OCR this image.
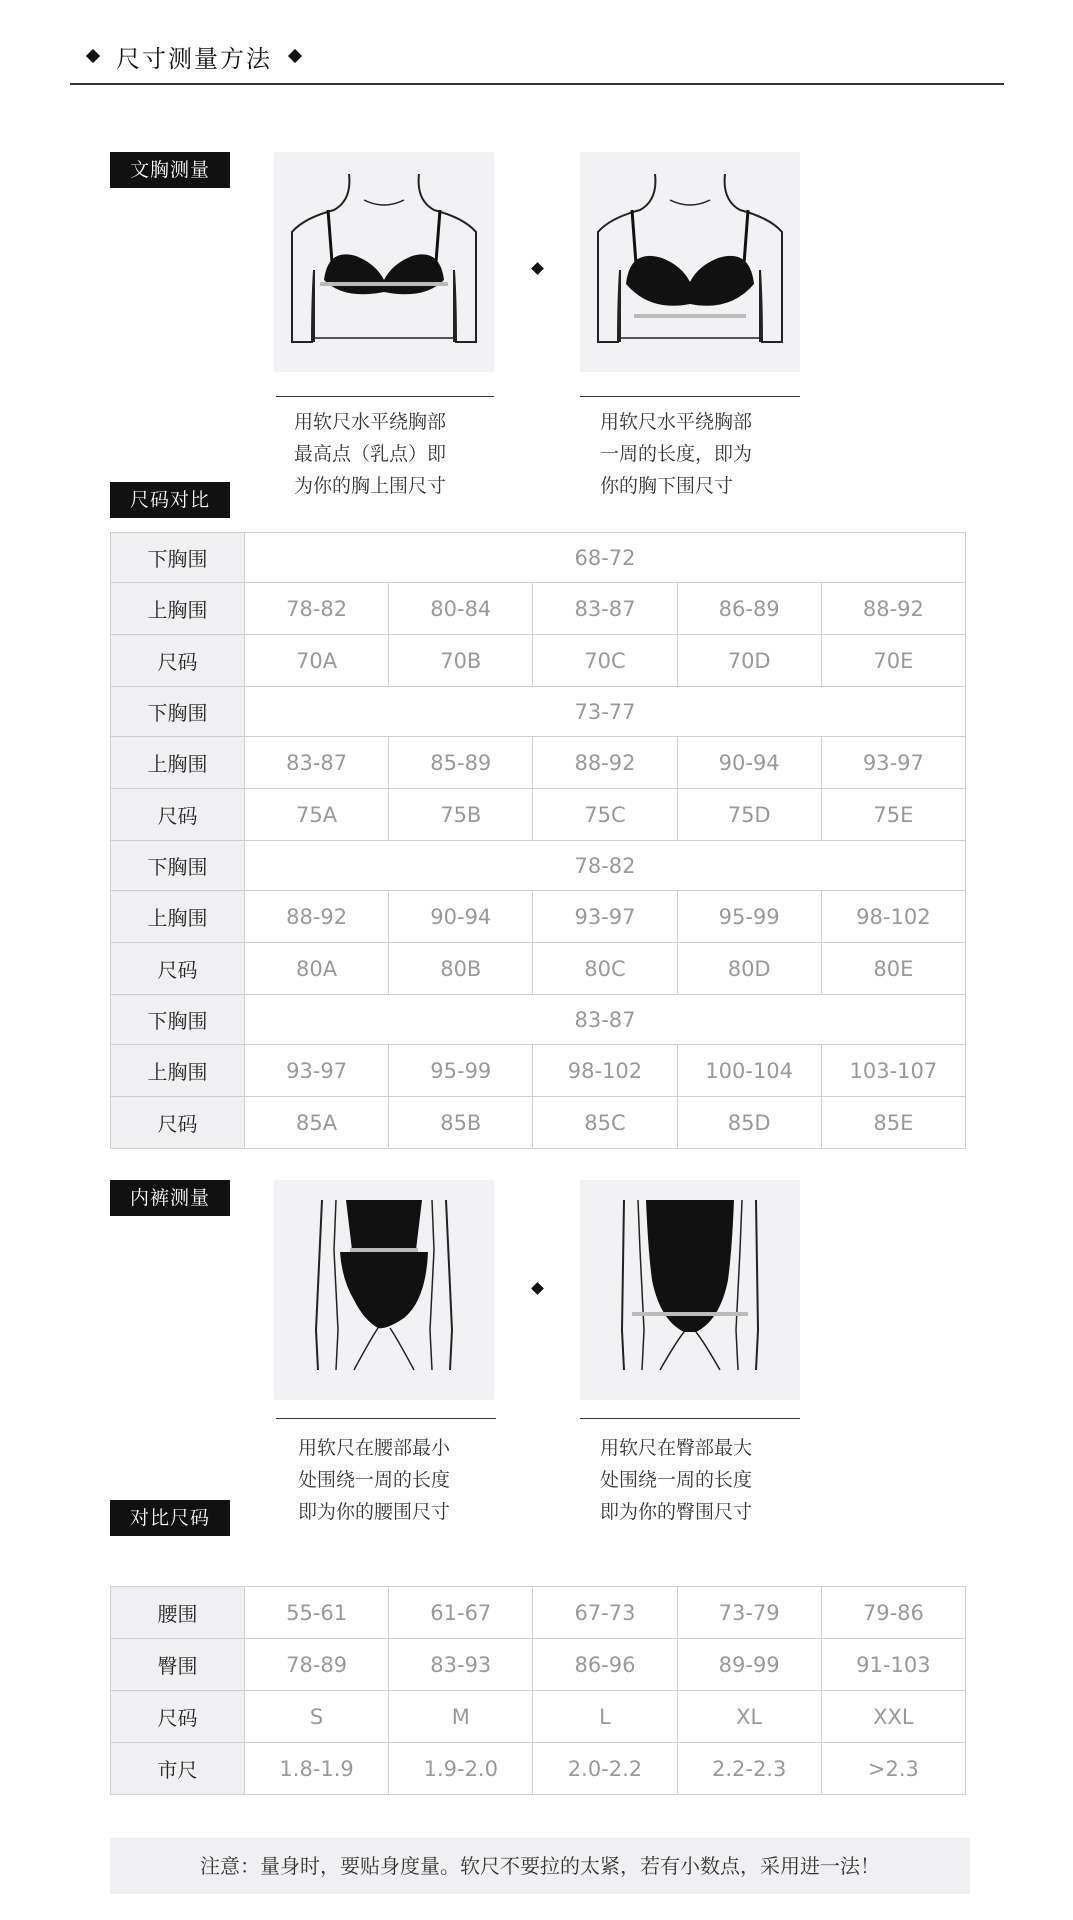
尺寸测量方法
文胸测量
用软尺水平绕胸部
最高点（乳点）即
为你的胸上围尺寸
用软尺水平绕胸部
一周的长度，即为
你的胸下围尺寸
尺码对比
下胸围	68-72				
上胸围	78-82	80-84	83-87	86-89	88-92
尺码	70A	70B	70C	70D	70E
下胸围	73-77				
上胸围	83-87	85-89	88-92	90-94	93-97
尺码	75A	75B	75C	75D	75E
下胸围	78-82				
上胸围	88-92	90-94	93-97	95-99	98-102
尺码	80A	80B	80C	80D	80E
下胸围	83-87				
上胸围	93-97	95-99	98-102	100-104	103-107
尺码	85A	85B	85C	85D	85E
内裤测量
用软尺在腰部最小
处围绕一周的长度
即为你的腰围尺寸
用软尺在臀部最大
处围绕一周的长度
即为你的臀围尺寸
对比尺码
腰围	55-61	61-67	67-73	73-79	79-86
臀围	78-89	83-93	86-96	89-99	91-103
尺码	S	M	L	XL	XXL
市尺	1.8-1.9	1.9-2.0	2.0-2.2	2.2-2.3	>2.3
注意：量身时，要贴身度量。软尺不要拉的太紧，若有小数点，采用进一法！
